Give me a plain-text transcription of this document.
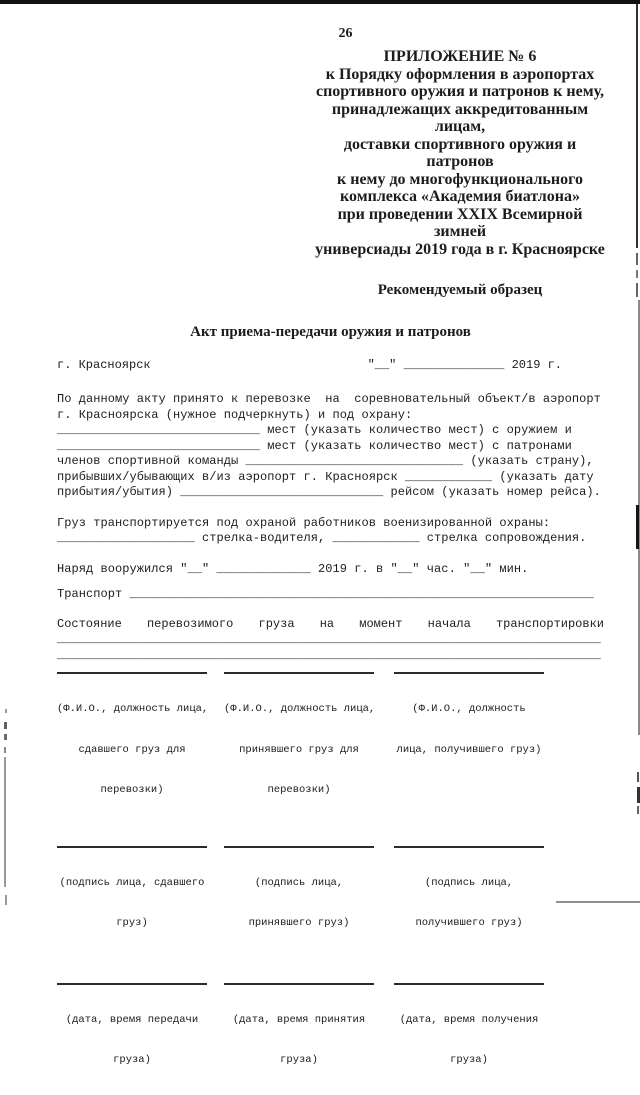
26
ПРИЛОЖЕНИЕ № 6
к Порядку оформления в аэропортах
спортивного оружия и патронов к нему,
принадлежащих аккредитованным лицам,
доставки спортивного оружия и патронов
к нему до многофункционального
комплекса «Академия биатлона»
при проведении XXIX Всемирной зимней
универсиады 2019 года в г. Красноярске
Рекомендуемый образец
Акт приема-передачи оружия и патронов
г. Красноярск	"__" ______________ 2019 г.
По данному акту принято к перевозке  на  соревновательный объект/в аэропорт
г. Красноярска (нужное подчеркнуть) и под охрану:
____________________________ мест (указать количество мест) с оружием и
____________________________ мест (указать количество мест) с патронами
членов спортивной команды ______________________________ (указать страну),
прибывших/убывающих в/из аэропорт г. Красноярск ____________ (указать дату
прибытия/убытия) ____________________________ рейсом (указать номер рейса).
Груз транспортируется под охраной работников военизированной охраны:
___________________ стрелка-водителя, ____________ стрелка сопровождения.
Наряд вооружился "__" _____________ 2019 г. в "__" час. "__" мин.
Транспорт ________________________________________________________________
Состояние перевозимого груза на момент начала транспортировки
___________________________________________________________________________
___________________________________________________________________________

(Ф.И.О., должность лица,

сдавшего груз для

перевозки)

(Ф.И.О., должность лица,

принявшего груз для

перевозки)

(Ф.И.О., должность

лица, получившего груз)

(подпись лица, сдавшего

груз)

(подпись лица,

принявшего груз)

(подпись лица,

получившего груз)

(дата, время передачи

груза)

(дата, время принятия

груза)

(дата, время получения

груза)
